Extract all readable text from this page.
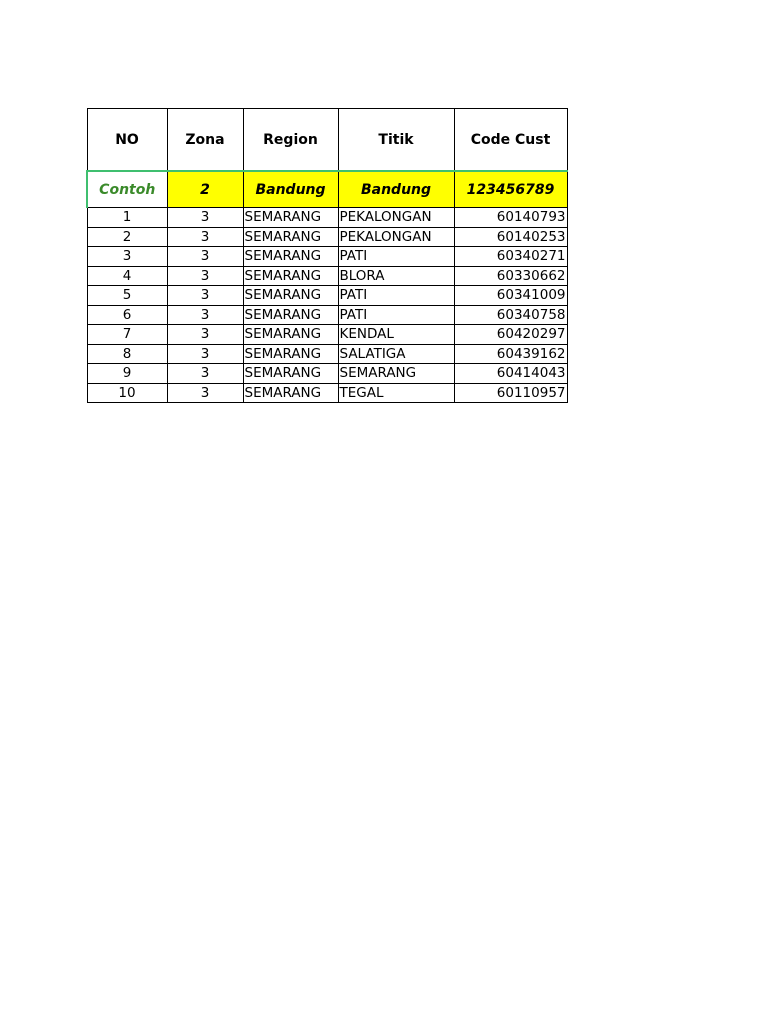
NO	Zona	Region	Titik	Code Cust
Contoh	2	Bandung	Bandung	123456789
1	3	SEMARANG	PEKALONGAN	60140793
2	3	SEMARANG	PEKALONGAN	60140253
3	3	SEMARANG	PATI	60340271
4	3	SEMARANG	BLORA	60330662
5	3	SEMARANG	PATI	60341009
6	3	SEMARANG	PATI	60340758
7	3	SEMARANG	KENDAL	60420297
8	3	SEMARANG	SALATIGA	60439162
9	3	SEMARANG	SEMARANG	60414043
10	3	SEMARANG	TEGAL	60110957
